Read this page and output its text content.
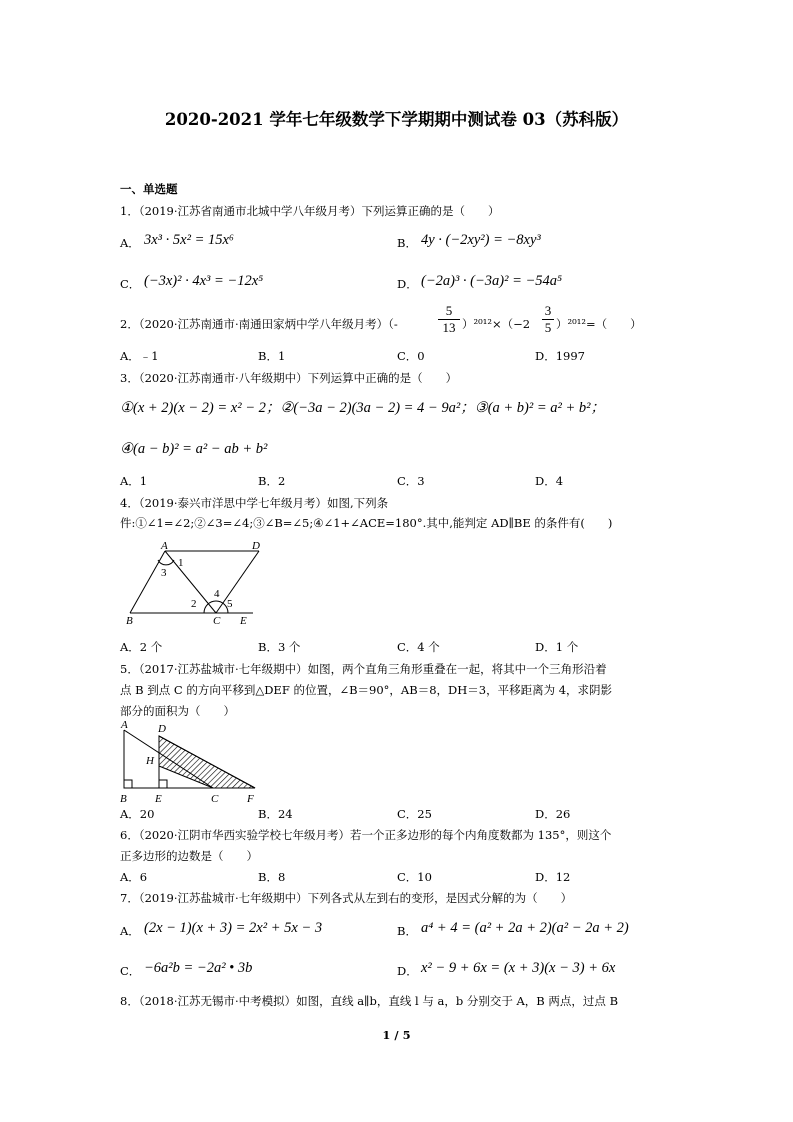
2020-2021 学年七年级数学下学期期中测试卷 03（苏科版）
一、单选题
1．（2019·江苏省南通市北城中学八年级月考）下列运算正确的是（　　）
A． 3x³ · 5x² = 15x⁶	B． 4y · (−2xy²) = −8xy³
C． (−3x)² · 4x³ = −12x⁵	D． (−2a)³ · (−3a)² = −54a⁵
2．（2020·江苏南通市·南通田家炳中学八年级月考）（-	$\frac{5}{13} )^{2012}\times(-2 \frac{3}{5} )^{2012}=$（　　）
A．﹣1	B．1	C．0	D．1997
3．（2020·江苏南通市·八年级期中）下列运算中正确的是（　　）
①(x + 2)(x − 2) = x² − 2；②(−3a − 2)(3a − 2) = 4 − 9a²；③(a + b)² = a² + b²；
④(a − b)² = a² − ab + b²
A．1	B．2	C．3	D．4
4．（2019·泰兴市洋思中学七年级月考）如图,下列条
件:①∠1=∠2;②∠3=∠4;③∠B=∠5;④∠1+∠ACE=180°.其中,能判定 AD∥BE 的条件有(　　)
A	D
B	C E
1
3
2
4
5
A．2 个	B．3 个	C．4 个	D．1 个
5．（2017·江苏盐城市·七年级期中）如图，两个直角三角形重叠在一起，将其中一个三角形沿着
点 B 到点 C 的方向平移到△DEF 的位置，∠B＝90°，AB＝8，DH＝3，平移距离为 4，求阴影
部分的面积为（　　）
A	D
H
B	E	C	F
A．20	B．24	C．25	D．26
6．（2020·江阴市华西实验学校七年级月考）若一个正多边形的每个内角度数都为 135°，则这个
正多边形的边数是（　　）
A．6	B．8	C．10	D．12
7．（2019·江苏盐城市·七年级期中）下列各式从左到右的变形，是因式分解的为（　　）
A． (2x − 1)(x + 3) = 2x² + 5x − 3	B． a⁴ + 4 = (a² + 2a + 2)(a² − 2a + 2)
C． −6a²b = −2a² • 3b	D． x² − 9 + 6x = (x + 3)(x − 3) + 6x
8．（2018·江苏无锡市·中考模拟）如图，直线 a∥b，直线 l 与 a，b 分别交于 A，B 两点，过点 B
1 / 5
